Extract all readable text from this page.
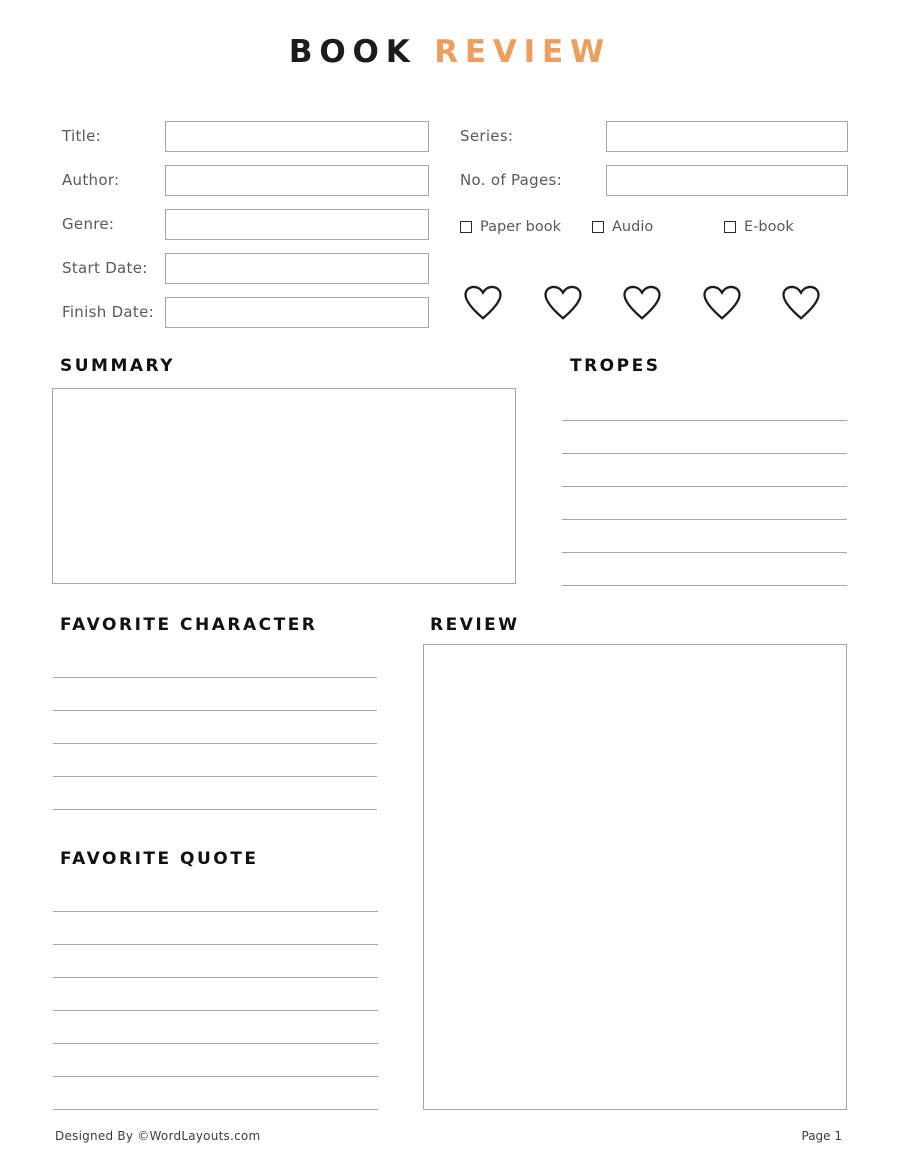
BOOK REVIEW
Title:
Author:
Genre:
Start Date:
Finish Date:
Series:
No. of Pages:
Paper book	Audio	E-book
SUMMARY	TROPES
FAVORITE CHARACTER	REVIEW
FAVORITE QUOTE
Designed By ©WordLayouts.com	Page 1
